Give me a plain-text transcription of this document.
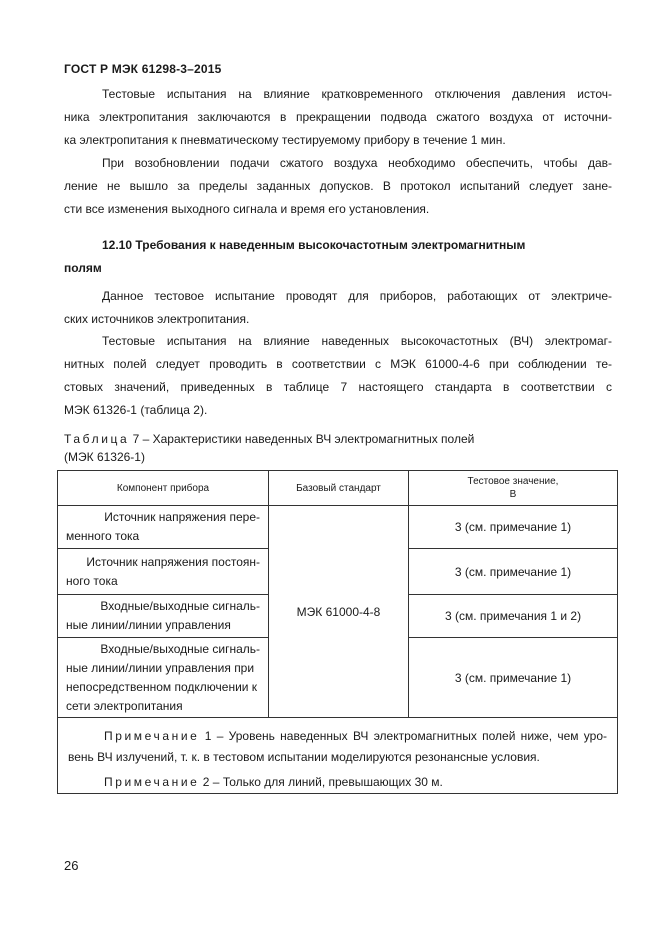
ГОСТ Р МЭК 61298-3–2015
Тестовые испытания на влияние кратковременного отключения давления источ-
ника электропитания заключаются в прекращении подвода сжатого воздуха от источни-
ка электропитания к пневматическому тестируемому прибору в течение 1 мин.
При возобновлении подачи сжатого воздуха необходимо обеспечить, чтобы дав-
ление не вышло за пределы заданных допусков. В протокол испытаний следует зане-
сти все изменения выходного сигнала и время его установления.
12.10 Требования к наведенным высокочастотным электромагнитным
полям
Данное тестовое испытание проводят для приборов, работающих от электриче-
ских источников электропитания.
Тестовые испытания на влияние наведенных высокочастотных (ВЧ) электромаг-
нитных полей следует проводить в соответствии с МЭК 61000-4-6 при соблюдении те-
стовых значений, приведенных в таблице 7 настоящего стандарта в соответствии с
МЭК 61326-1 (таблица 2).
Таблица 7 – Характеристики наведенных ВЧ электромагнитных полей
(МЭК 61326-1)
Компонент прибора	Базовый стандарт	Тестовое значение,
В

Источник напряжения пере-
менного тока	МЭК 61000-4-8	3 (см. примечание 1)

Источник напряжения постоян-
ного тока		3 (см. примечание 1)

Входные/выходные сигналь-
ные линии/линии управления		3 (см. примечания 1 и 2)

Входные/выходные сигналь-
ные линии/линии управления при
непосредственном подключении к
сети электропитания		3 (см. примечание 1)

Примечание 1 – Уровень наведенных ВЧ электромагнитных полей ниже, чем уро-
вень ВЧ излучений, т. к. в тестовом испытании моделируются резонансные условия.
Примечание 2 – Только для линий, превышающих 30 м.		
26
